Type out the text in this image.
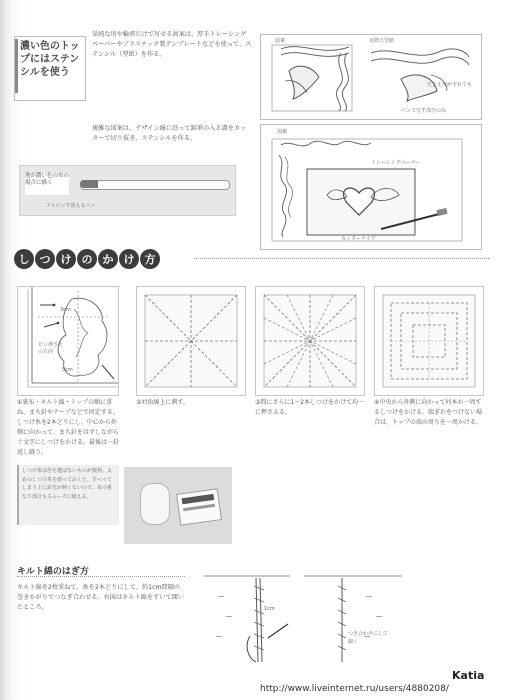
濃い色のトップにはステンシルを使う
単純な形や輪郭だけで写せる図案は、厚手トレーシングペーパーやプラスチック製テンプレートなどを使って、ステンシル（型紙）を作る。
図案	実際大型紙
たとえ形がずれても
ペンで写す部分のみ
複雑な図案は、デザイン線に沿って鋲筆の入る溝をカッターで切り抜き、ステンシルを作る。
図案
トレーシングペーパー
カッターナイフ
地が濃い色の布の場合に描く
アイロンで消えるペン
し つ け の か け 方
3cm
5cm
ピン押さえの方向
①裏布・キルト綿・トップの順に重ね、まち針やテープなどで固定する。しつけ糸を2本どりにし、中心から外側に向かって、まち針をはずしながら十文字にしつけをかける。最後は一針返し縫う。
②対角線上に刺す。	③間にさらに1〜2本しつけをかけて均一に押さえる。
④中央から外側に向かって何本か一周するしつけをかける。端ぎわをつけない場合は、トップの端の周りを一周かける。
しつけ糸は色を選ばないものが便利。太めのしつけ糸を使っておくと、すべってしまう上に針先が鈍くないので、布の重なり部分もスムーズに縫える。
キルト綿のはぎ方
キルト綿を2枚重ねて、糸を2本どりにして、約1cm間隔の巻きかがりでつなぎ合わせる。右図はキルト綿をすいて開いたところ。	1cm
つき合わせにして
綴く
Katia
http://www.liveinternet.ru/users/4880208/
